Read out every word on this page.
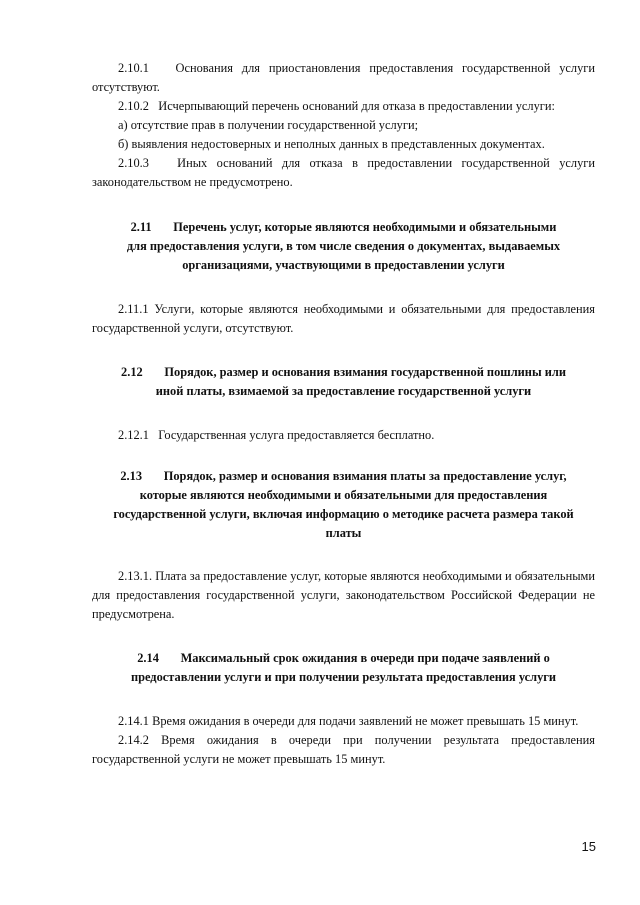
2.10.1   Основания для приостановления предоставления государственной услуги отсутствуют.

2.10.2   Исчерпывающий перечень оснований для отказа в предоставлении услуги:

а) отсутствие прав в получении государственной услуги;

б) выявления недостоверных и неполных данных в представленных документах.

2.10.3   Иных оснований для отказа в предоставлении государственной услуги законодательством не предусмотрено.

2.11       Перечень услуг, которые являются необходимыми и обязательными

для предоставления услуги, в том числе сведения о документах, выдаваемых

организациями, участвующими в предоставлении услуги

2.11.1 Услуги, которые являются необходимыми и обязательными для предоставления государственной услуги, отсутствуют.

2.12       Порядок, размер и основания взимания государственной пошлины или

иной платы, взимаемой за предоставление государственной услуги

2.12.1   Государственная услуга предоставляется бесплатно.

2.13       Порядок, размер и основания взимания платы за предоставление услуг,

которые являются необходимыми и обязательными для предоставления

государственной услуги, включая информацию о методике расчета размера такой

платы

2.13.1. Плата за предоставление услуг, которые являются необходимыми и обязательными для предоставления государственной услуги, законодательством Российской Федерации не предусмотрена.

2.14       Максимальный срок ожидания в очереди при подаче заявлений о

предоставлении услуги и при получении результата предоставления услуги

2.14.1 Время ожидания в очереди для подачи заявлений не может превышать 15 минут.

2.14.2 Время ожидания в очереди при получении результата предоставления государственной услуги не может превышать 15 минут.

15
